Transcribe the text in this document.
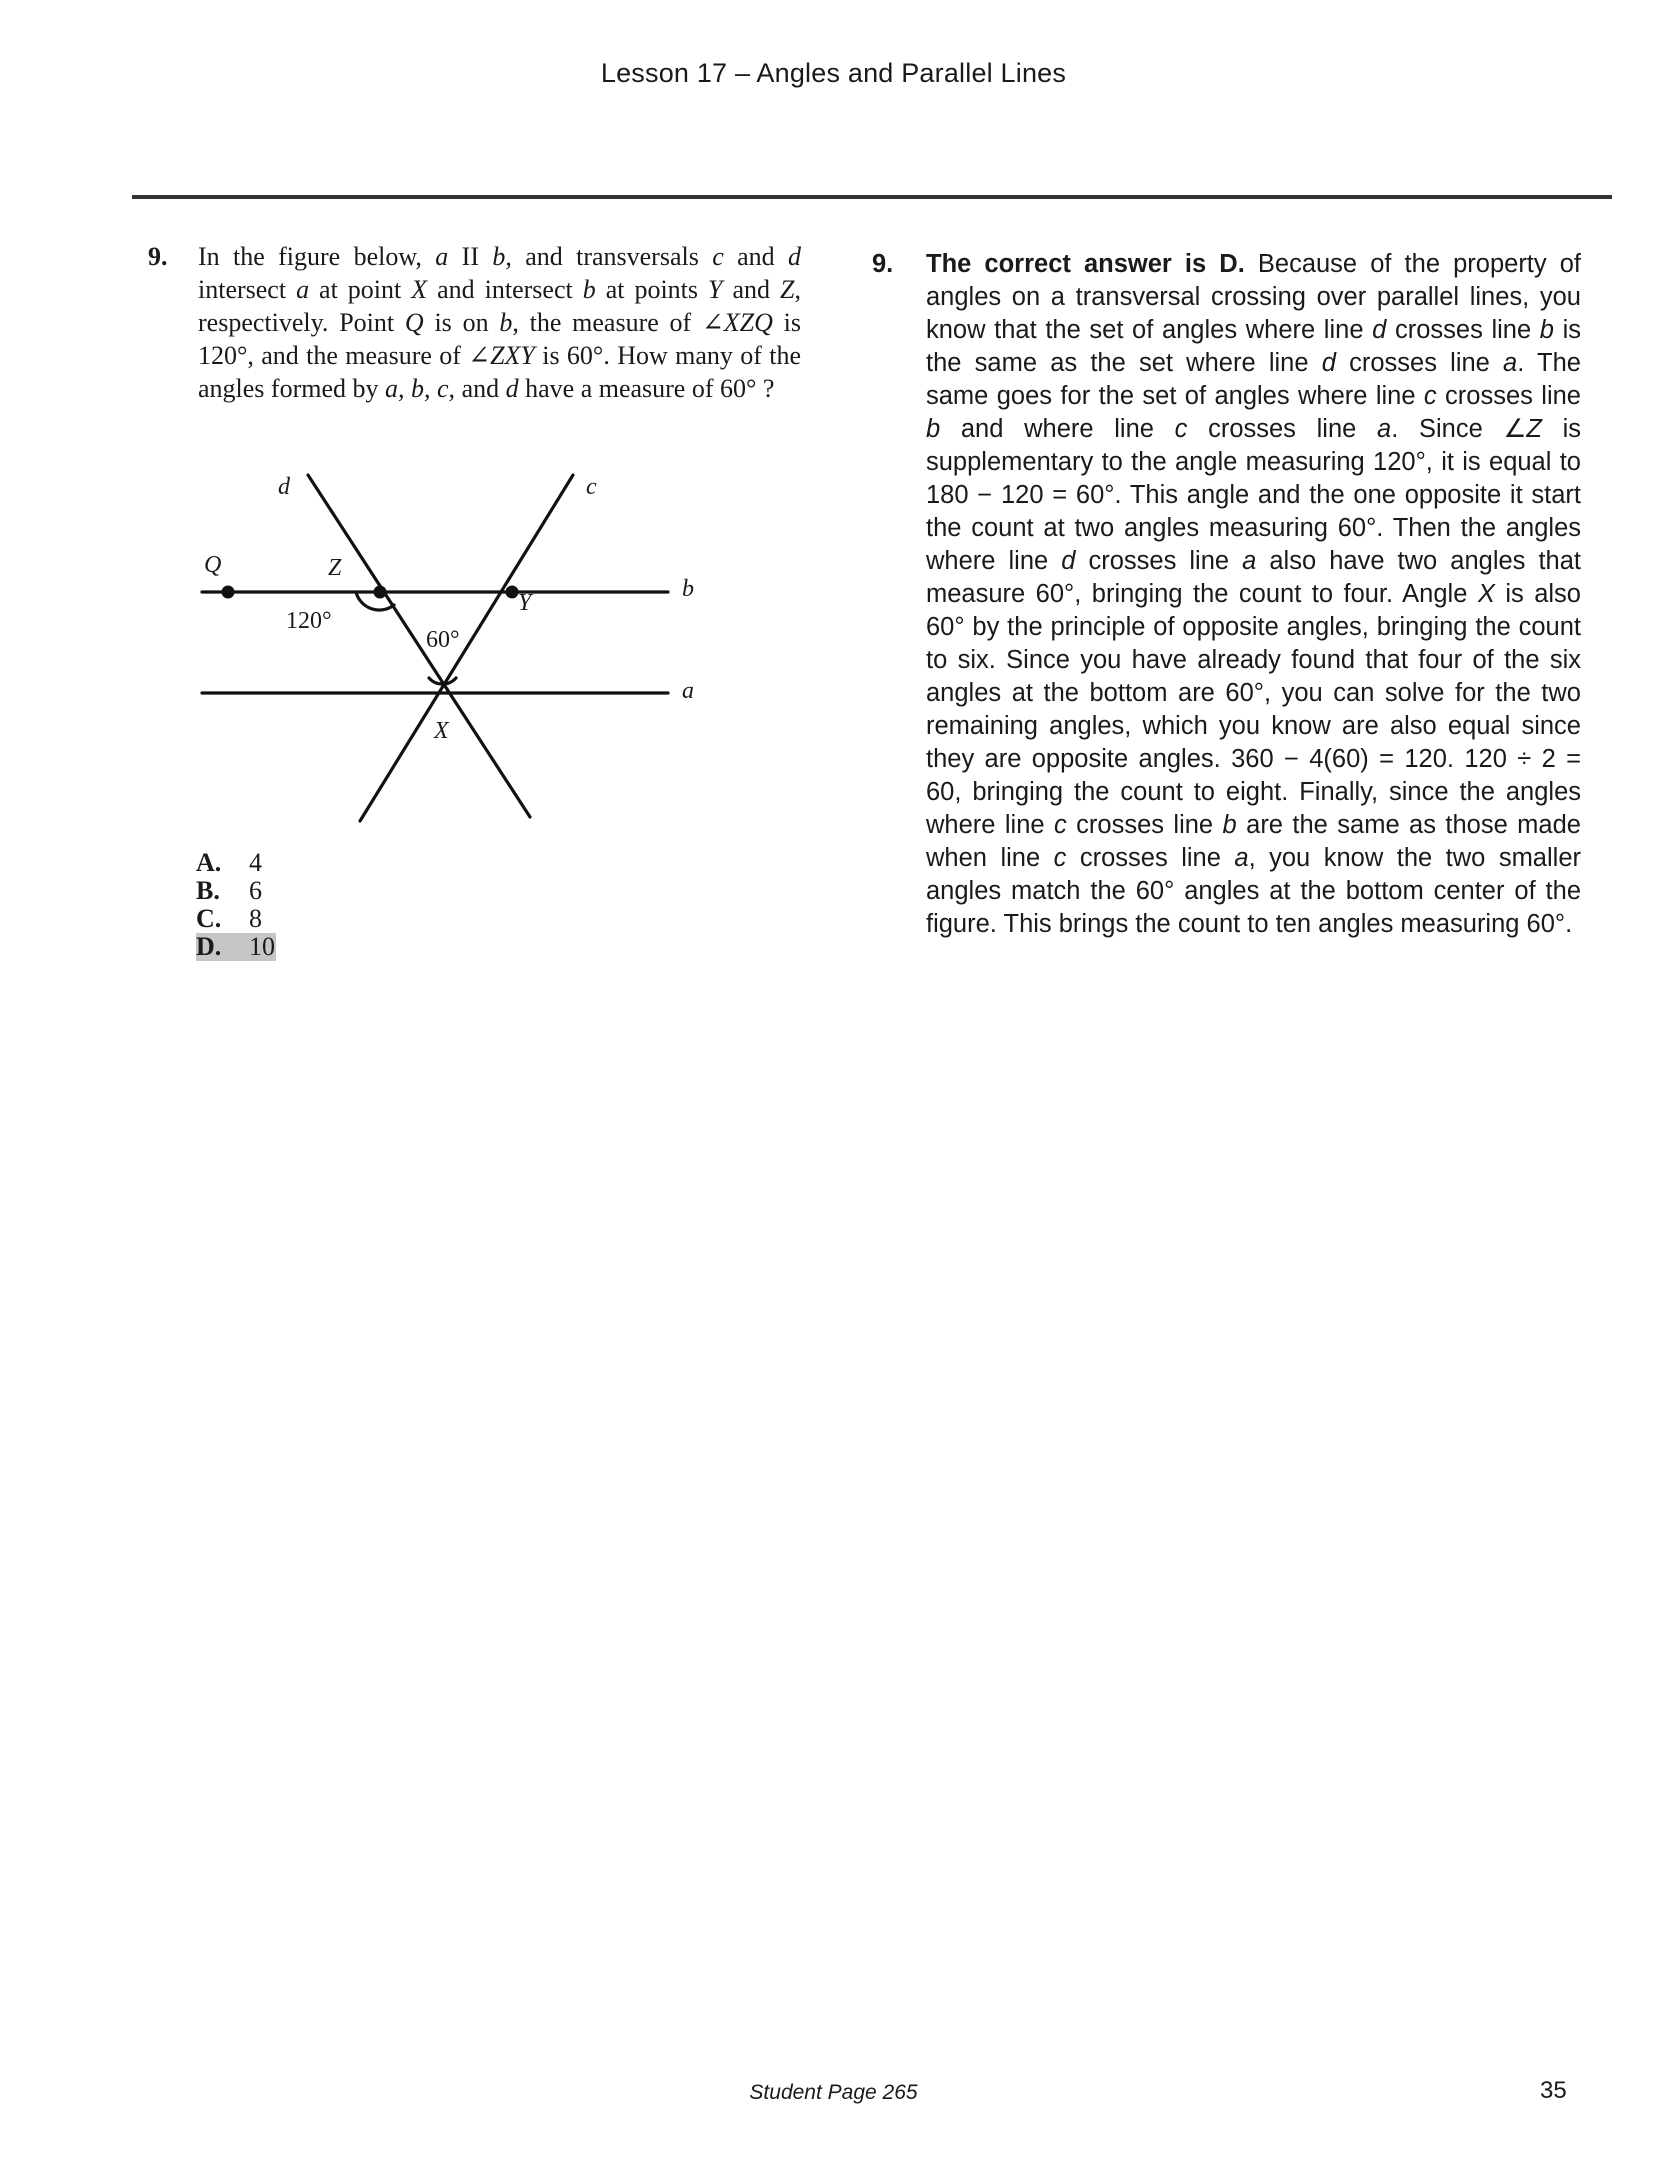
Lesson 17 – Angles and Parallel Lines
9. In the figure below, a II b, and transversals c and d intersect a at point X and intersect b at points Y and Z, respectively. Point Q is on b, the measure of ∠XZQ is 120°, and the measure of ∠ZXY is 60°. How many of the angles formed by a, b, c, and d have a measure of 60° ?
d	c
Q	Z
Y
b
a
X
120°
60°
A. 4
B. 6
C. 8
D. 10
9. The correct answer is D. Because of the property of angles on a transversal crossing over parallel lines, you know that the set of angles where line d crosses line b is the same as the set where line d crosses line a. The same goes for the set of angles where line c crosses line b and where line c crosses line a. Since ∠Z is supplementary to the angle measuring 120°, it is equal to 180 − 120 = 60°. This angle and the one opposite it start the count at two angles measuring 60°. Then the angles where line d crosses line a also have two angles that measure 60°, bringing the count to four. Angle X is also 60° by the principle of opposite angles, bringing the count to six. Since you have already found that four of the six angles at the bottom are 60°, you can solve for the two remaining angles, which you know are also equal since they are opposite angles. 360 − 4(60) = 120. 120 ÷ 2 = 60, bringing the count to eight. Finally, since the angles where line c crosses line b are the same as those made when line c crosses line a, you know the two smaller angles match the 60° angles at the bottom center of the figure. This brings the count to ten angles measuring 60°.
Student Page 265	35
